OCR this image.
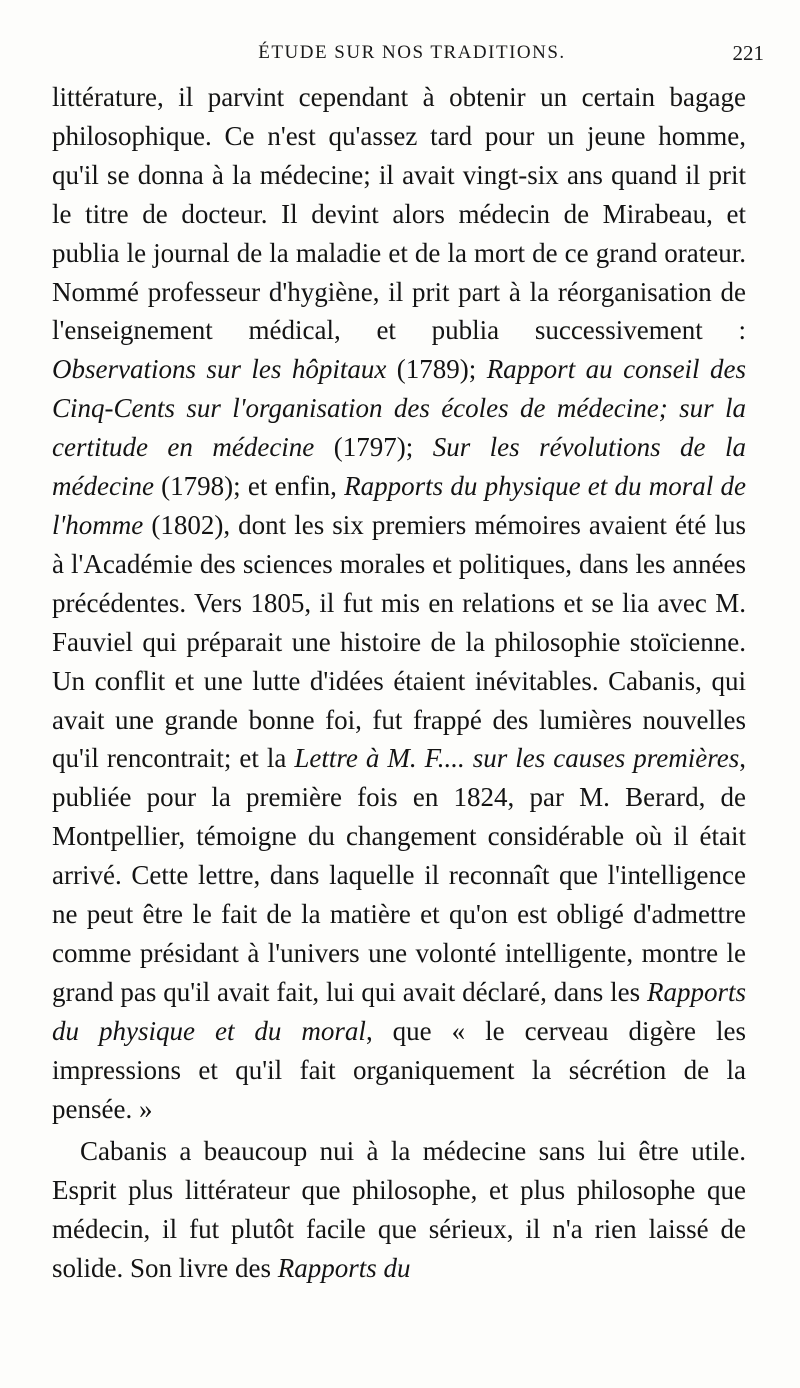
ÉTUDE SUR NOS TRADITIONS.	221

littérature, il parvint cependant à obtenir un certain bagage philosophique. Ce n'est qu'assez tard pour un jeune homme, qu'il se donna à la médecine; il avait vingt-six ans quand il prit le titre de docteur. Il devint alors médecin de Mirabeau, et publia le journal de la maladie et de la mort de ce grand orateur. Nommé professeur d'hygiène, il prit part à la réorganisation de l'enseignement médical, et publia successivement : Observations sur les hôpitaux (1789); Rapport au conseil des Cinq-Cents sur l'organisation des écoles de médecine; sur la certitude en médecine (1797); Sur les révolutions de la médecine (1798); et enfin, Rapports du physique et du moral de l'homme (1802), dont les six premiers mémoires avaient été lus à l'Académie des sciences morales et politiques, dans les années précédentes. Vers 1805, il fut mis en relations et se lia avec M. Fauviel qui préparait une histoire de la philosophie stoïcienne. Un conflit et une lutte d'idées étaient inévitables. Cabanis, qui avait une grande bonne foi, fut frappé des lumières nouvelles qu'il rencontrait; et la Lettre à M. F.... sur les causes premières, publiée pour la première fois en 1824, par M. Berard, de Montpellier, témoigne du changement considérable où il était arrivé. Cette lettre, dans laquelle il reconnaît que l'intelligence ne peut être le fait de la matière et qu'on est obligé d'admettre comme présidant à l'univers une volonté intelligente, montre le grand pas qu'il avait fait, lui qui avait déclaré, dans les Rapports du physique et du moral, que « le cerveau digère les impressions et qu'il fait organiquement la sécrétion de la pensée. »

Cabanis a beaucoup nui à la médecine sans lui être utile. Esprit plus littérateur que philosophe, et plus philosophe que médecin, il fut plutôt facile que sérieux, il n'a rien laissé de solide. Son livre des Rapports du
